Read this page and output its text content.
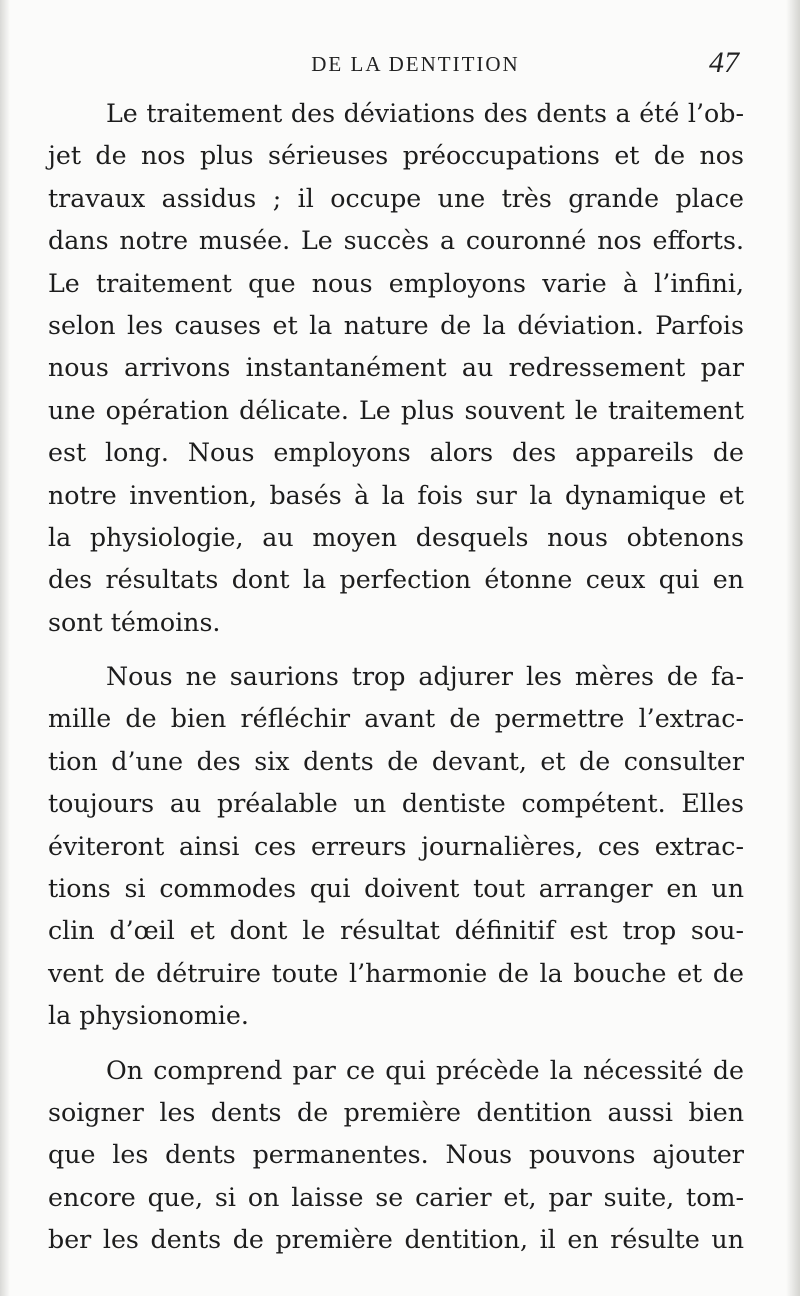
DE LA DENTITION	47

Le traitement des déviations des dents a été l’ob-
jet de nos plus sérieuses préoccupations et de nos
travaux assidus ; il occupe une très grande place
dans notre musée. Le succès a couronné nos efforts.
Le traitement que nous employons varie à l’infini,
selon les causes et la nature de la déviation. Parfois
nous arrivons instantanément au redressement par
une opération délicate. Le plus souvent le traitement
est long. Nous employons alors des appareils de
notre invention, basés à la fois sur la dynamique et
la physiologie, au moyen desquels nous obtenons
des résultats dont la perfection étonne ceux qui en
sont témoins.

Nous ne saurions trop adjurer les mères de fa-
mille de bien réfléchir avant de permettre l’extrac-
tion d’une des six dents de devant, et de consulter
toujours au préalable un dentiste compétent. Elles
éviteront ainsi ces erreurs journalières, ces extrac-
tions si commodes qui doivent tout arranger en un
clin d’œil et dont le résultat définitif est trop sou-
vent de détruire toute l’harmonie de la bouche et de
la physionomie.

On comprend par ce qui précède la nécessité de
soigner les dents de première dentition aussi bien
que les dents permanentes. Nous pouvons ajouter
encore que, si on laisse se carier et, par suite, tom-
ber les dents de première dentition, il en résulte un
